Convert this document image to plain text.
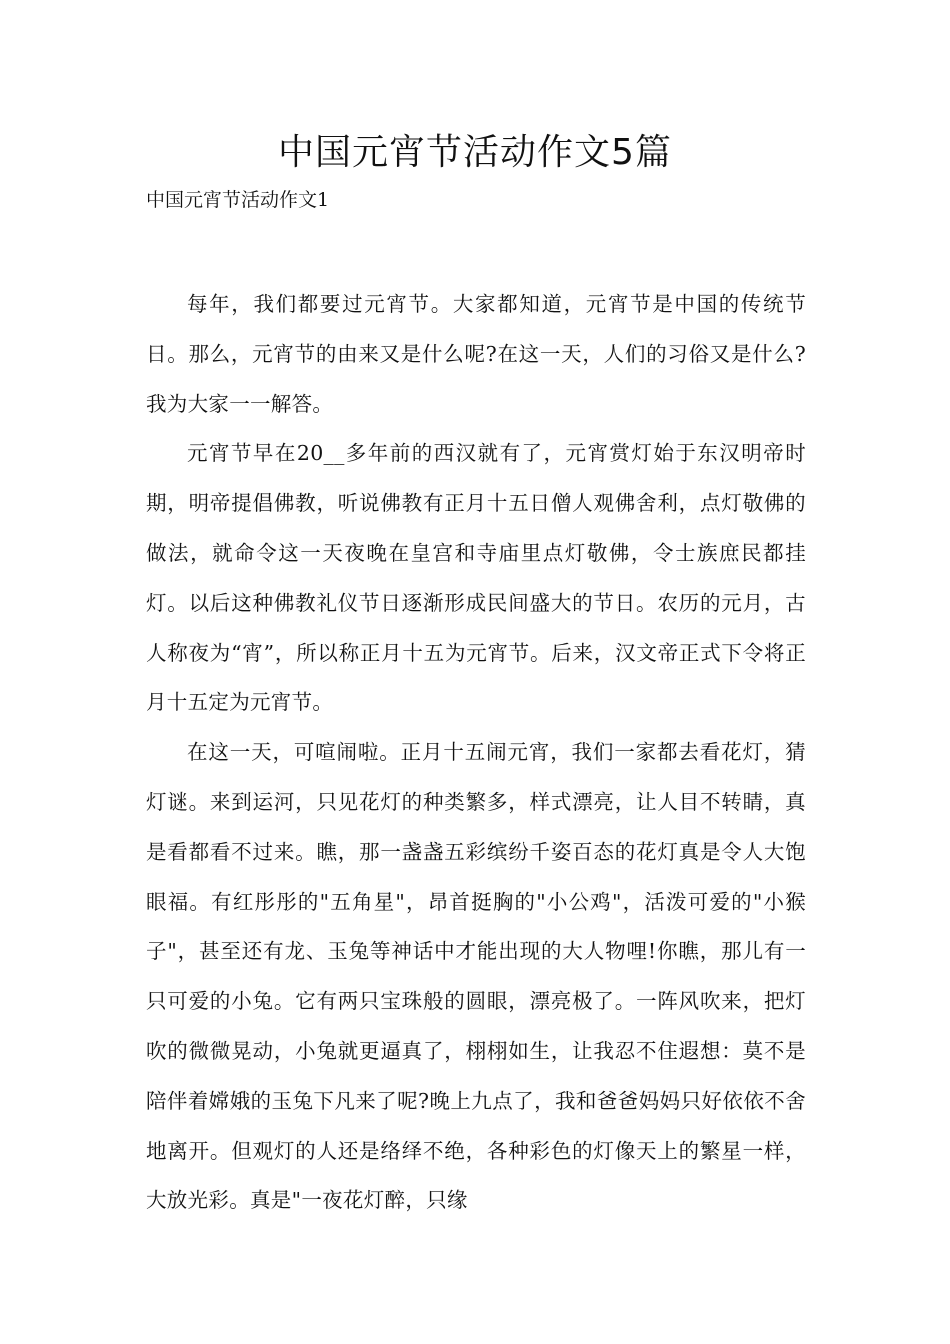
中国元宵节活动作文5篇

中国元宵节活动作文1

每年，我们都要过元宵节。大家都知道，元宵节是中国的传统节日。那么，元宵节的由来又是什么呢?在这一天，人们的习俗又是什么?我为大家一一解答。

元宵节早在20__多年前的西汉就有了，元宵赏灯始于东汉明帝时期，明帝提倡佛教，听说佛教有正月十五日僧人观佛舍利，点灯敬佛的做法，就命令这一天夜晚在皇宫和寺庙里点灯敬佛，令士族庶民都挂灯。以后这种佛教礼仪节日逐渐形成民间盛大的节日。农历的元月，古人称夜为“宵”，所以称正月十五为元宵节。后来，汉文帝正式下令将正月十五定为元宵节。

在这一天，可喧闹啦。正月十五闹元宵，我们一家都去看花灯，猜灯谜。来到运河，只见花灯的种类繁多，样式漂亮，让人目不转睛，真是看都看不过来。瞧，那一盏盏五彩缤纷千姿百态的花灯真是令人大饱眼福。有红彤彤的"五角星"，昂首挺胸的"小公鸡"，活泼可爱的"小猴子"，甚至还有龙、玉兔等神话中才能出现的大人物哩!你瞧，那儿有一只可爱的小兔。它有两只宝珠般的圆眼，漂亮极了。一阵风吹来，把灯吹的微微晃动，小兔就更逼真了，栩栩如生，让我忍不住遐想：莫不是陪伴着嫦娥的玉兔下凡来了呢?晚上九点了，我和爸爸妈妈只好依依不舍地离开。但观灯的人还是络绎不绝，各种彩色的灯像天上的繁星一样，大放光彩。真是"一夜花灯醉，只缘
